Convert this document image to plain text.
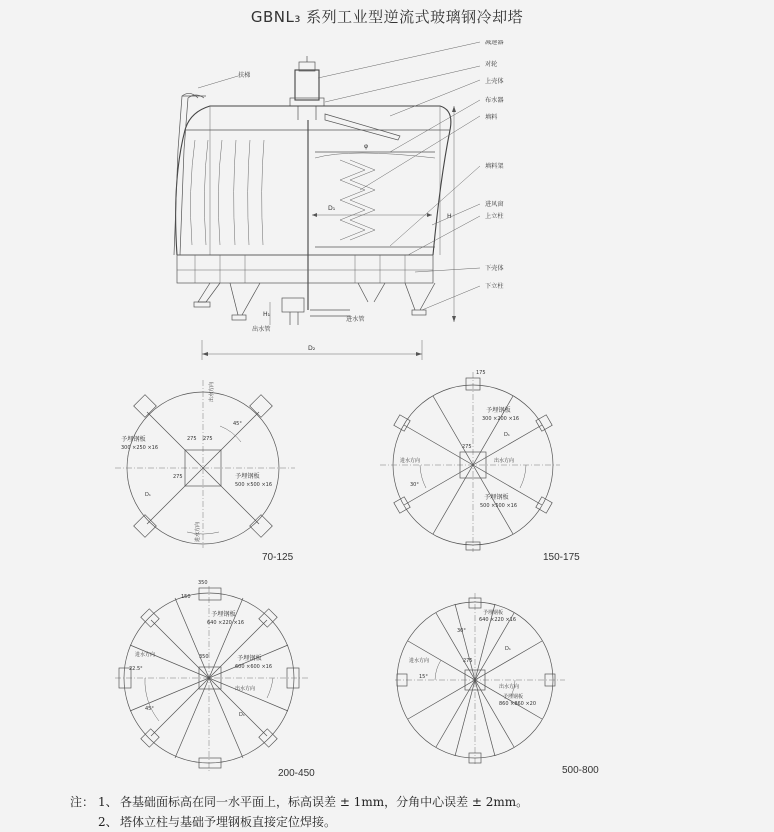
GBNL₃ 系列工业型逆流式玻璃钢冷却塔
减速器
对轮
上壳体
布水器
填料
填料架
进风窗
上立柱
下壳体
下立柱
扶梯
进水管
出水管
φ
D₁
D₂
H
H₁
予埋钢板
300 ×250 ×16
予埋钢板
500 ×500 ×16
275 275
275
45°
D₁
出水方向
进水方向
70-125
予埋钢板
300 ×200 ×16
予埋钢板
500 ×500 ×16
175
275
30°
D₁
进水方向	出水方向
150-175
予埋钢板
640 ×220 ×16
予埋钢板
600 ×600 ×16
350
350
150
22.5°
45°
D₁
进水方向
出水方向
200-450
予埋钢板
640 ×220 ×16
予埋钢板
860 ×860 ×20
275
30°
15°
D₁
进水方向
出水方向
500-800
注： 1、 各基础面标高在同一水平面上，标高误差 ± 1mm，分角中心误差 ± 2mm。
2、 塔体立柱与基础予埋钢板直接定位焊接。
